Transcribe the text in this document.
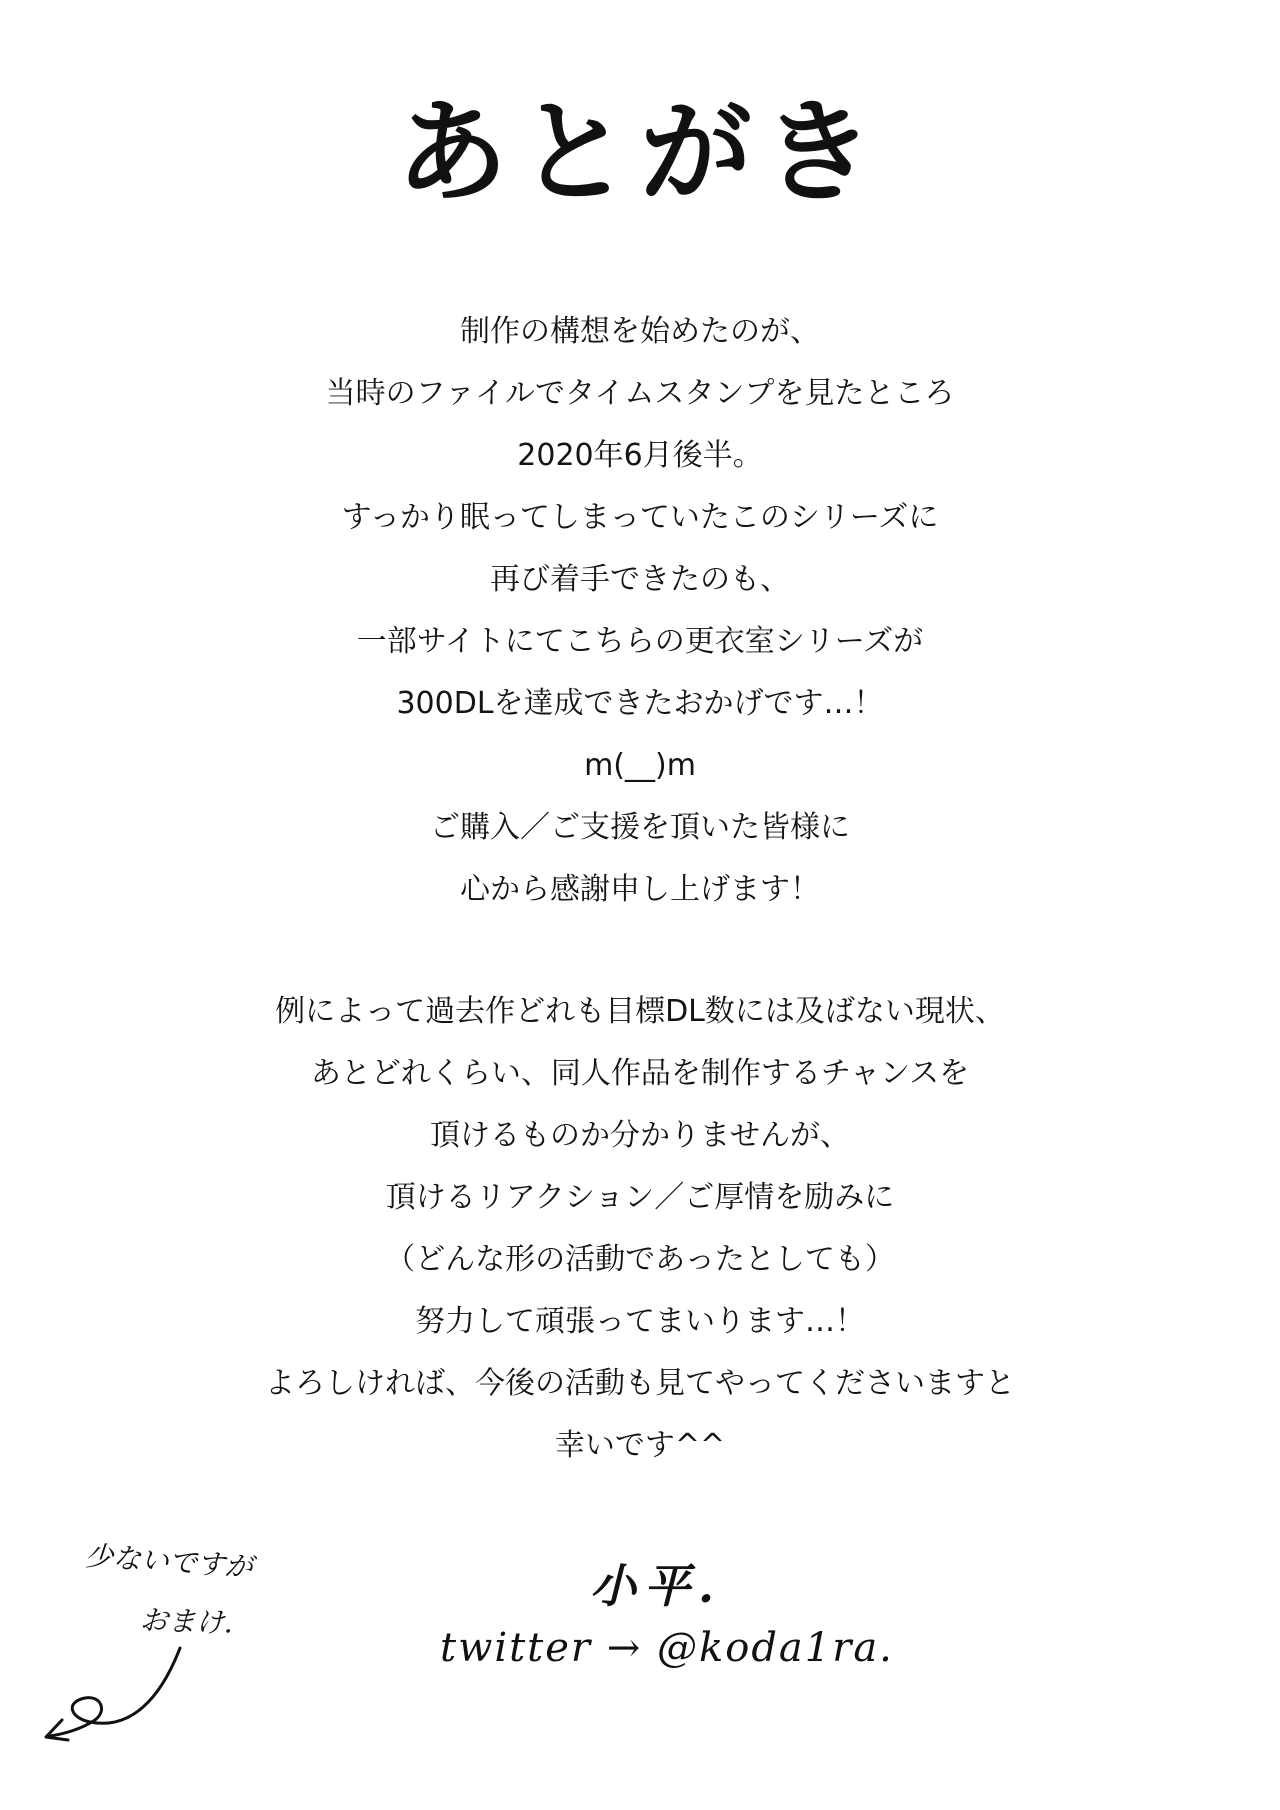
あとがき
制作の構想を始めたのが、
当時のファイルでタイムスタンプを見たところ
2020年6月後半。
すっかり眠ってしまっていたこのシリーズに
再び着手できたのも、
一部サイトにてこちらの更衣室シリーズが
300DLを達成できたおかげです…！
m(__)m
ご購入／ご支援を頂いた皆様に
心から感謝申し上げます！
例によって過去作どれも目標DL数には及ばない現状、
あとどれくらい、同人作品を制作するチャンスを
頂けるものか分かりませんが、
頂けるリアクション／ご厚情を励みに
（どんな形の活動であったとしても）
努力して頑張ってまいります…！
よろしければ、今後の活動も見てやってくださいますと
幸いです^^
少ないですが
おまけ.
小平.
twitter → @koda1ra.
